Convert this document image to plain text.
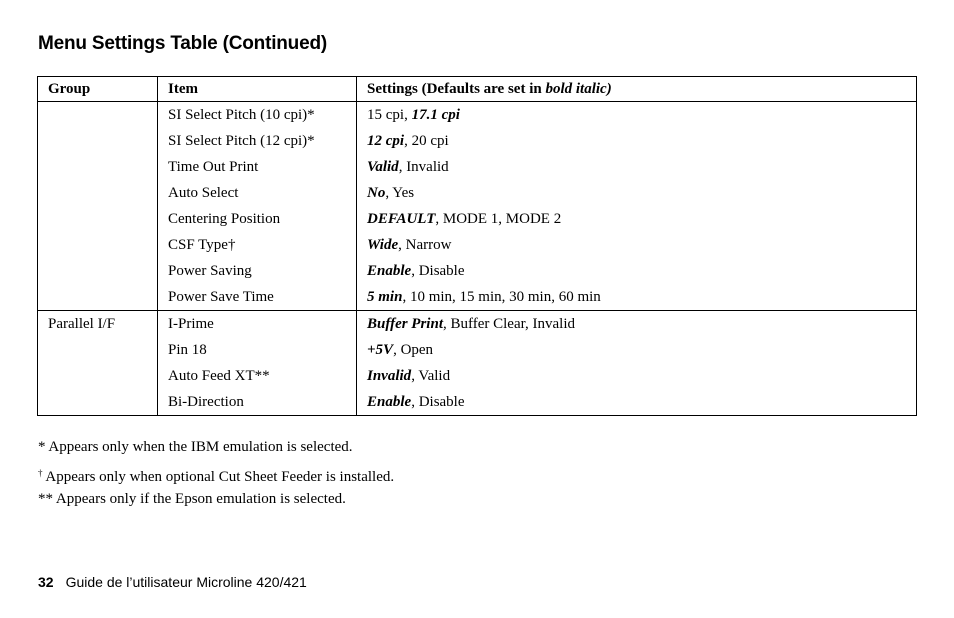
Menu Settings Table (Continued)
Group	Item	Settings (Defaults are set in bold italic)
	SI Select Pitch (10 cpi)*	15 cpi, 17.1 cpi
	SI Select Pitch (12 cpi)*	12 cpi, 20 cpi
	Time Out Print	Valid, Invalid
	Auto Select	No, Yes
	Centering Position	DEFAULT, MODE 1, MODE 2
	CSF Type†	Wide, Narrow
	Power Saving	Enable, Disable
	Power Save Time	5 min, 10 min, 15 min, 30 min, 60 min
Parallel I/F	I-Prime	Buffer Print, Buffer Clear, Invalid
	Pin 18	+5V, Open
	Auto Feed XT**	Invalid, Valid
	Bi-Direction	Enable, Disable
* Appears only when the IBM emulation is selected.
† Appears only when optional Cut Sheet Feeder is installed.
** Appears only if the Epson emulation is selected.
32 Guide de l’utilisateur Microline 420/421
